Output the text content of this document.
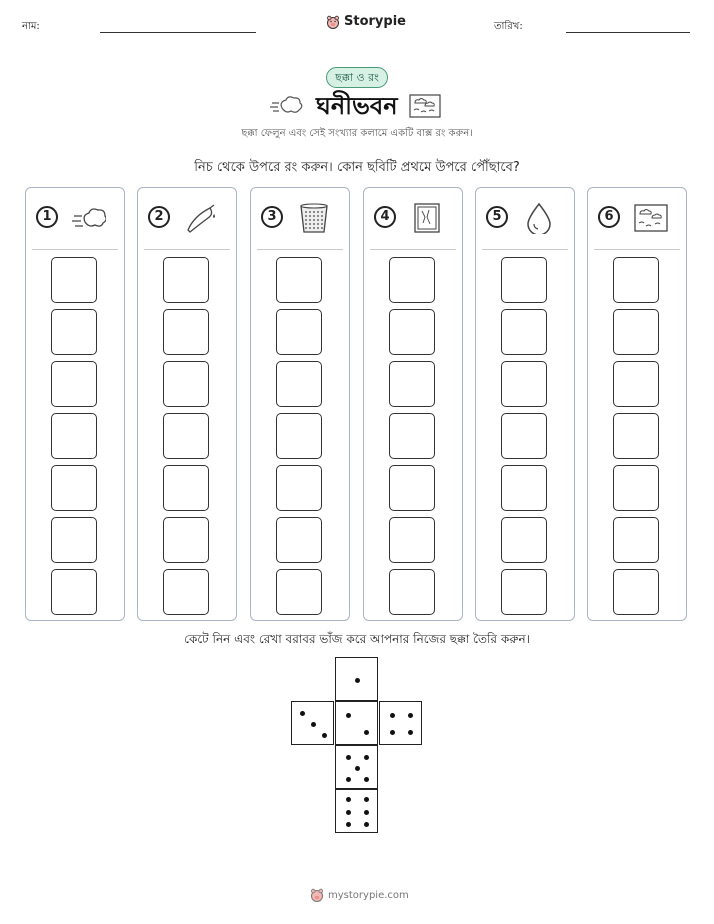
নাম:	Storypie	তারিখ:
ছক্কা ও রং
ঘনীভবন
ছক্কা ফেলুন এবং সেই সংখ্যার কলামে একটি বাক্স রং করুন।
নিচ থেকে উপরে রং করুন। কোন ছবিটি প্রথমে উপরে পৌঁছাবে?
1	2	3	4	5	6
কেটে নিন এবং রেখা বরাবর ভাঁজ করে আপনার নিজের ছক্কা তৈরি করুন।
mystorypie.com
